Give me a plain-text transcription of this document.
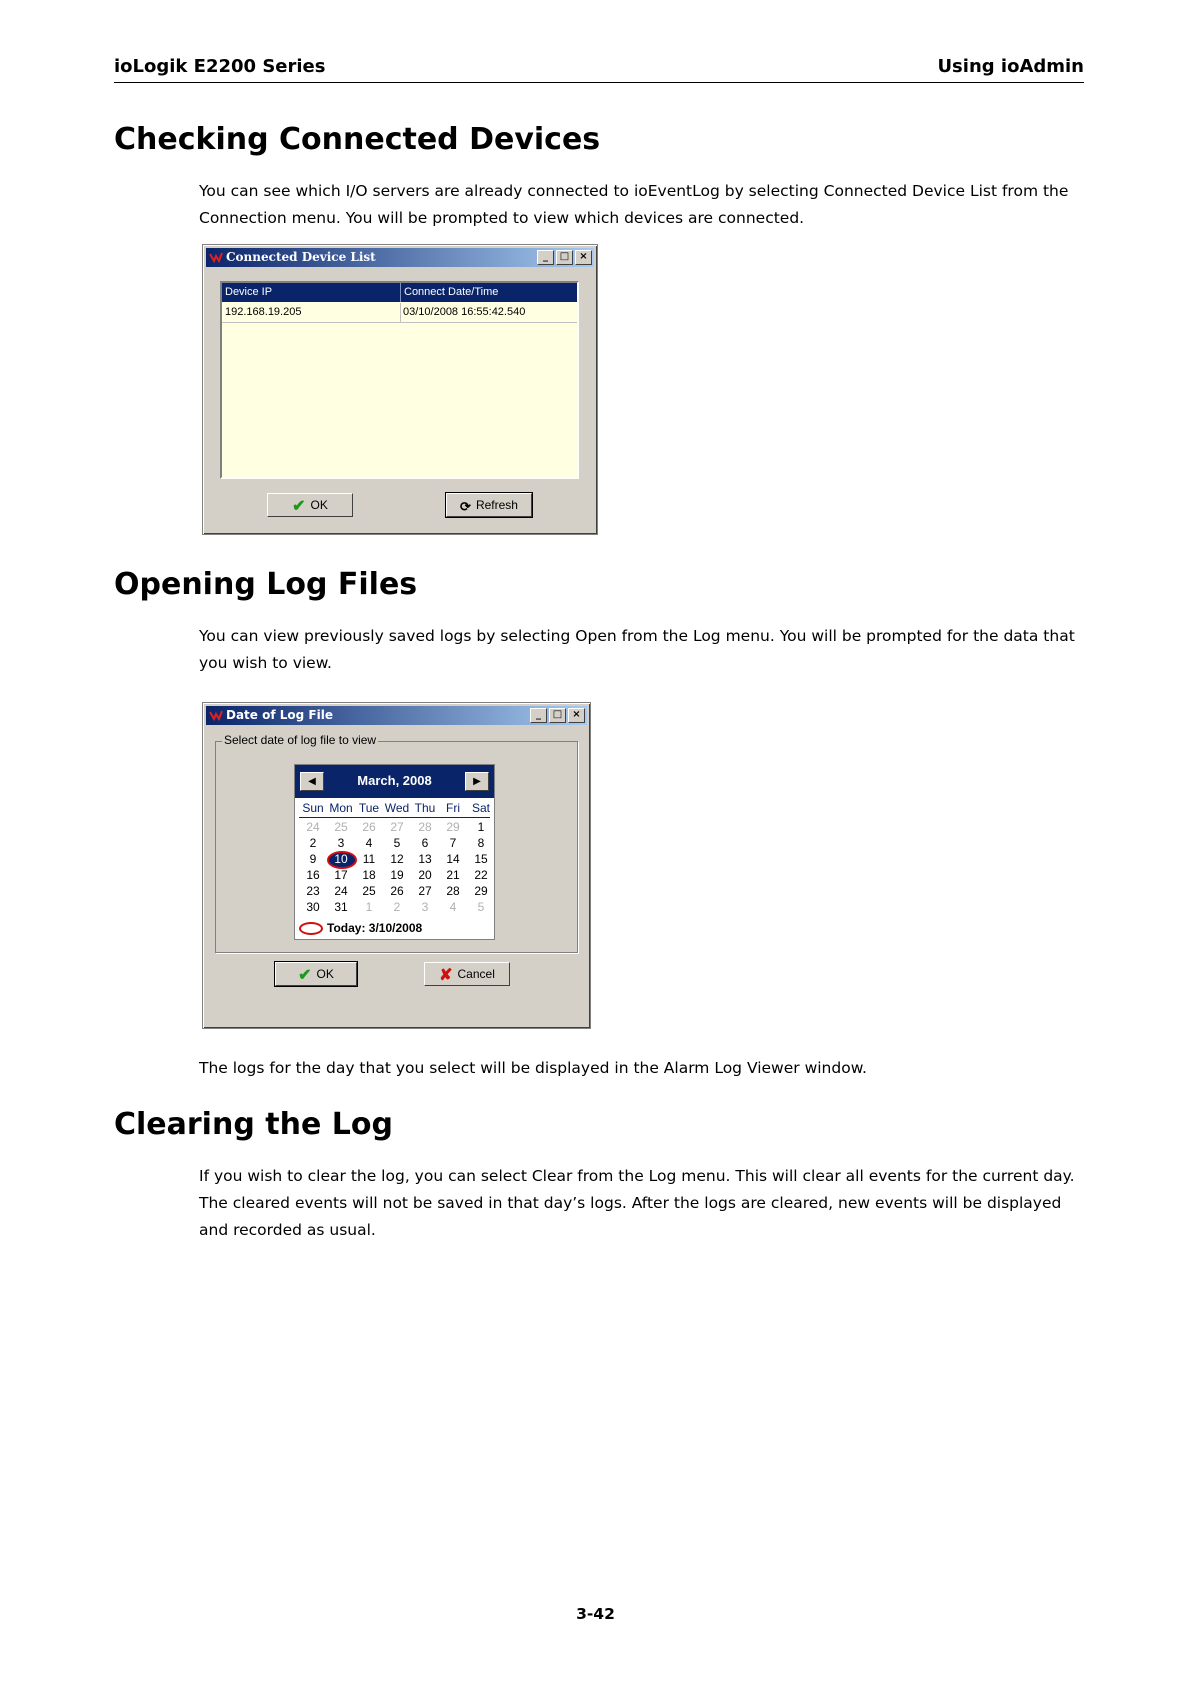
ioLogik E2200 Series	Using ioAdmin
Checking Connected Devices

You can see which I/O servers are already connected to ioEventLog by selecting Connected Device List from the Connection menu. You will be prompted to view which devices are connected.

Connected Device List	_	□	×
Device IP	Connect Date/Time
192.168.19.205	03/10/2008 16:55:42.540
✔ OK	⟳ Refresh
Opening Log Files

You can view previously saved logs by selecting Open from the Log menu. You will be prompted for the data that you wish to view.

Date of Log File	_	□	×
Select date of log file to view
◀	March, 2008	▶
Sun Mon Tue Wed Thu Fri Sat
Today: 3/10/2008
24	25	26	27	28	29	1
2	3	4	5	6	7	8
9	10	11	12	13	14	15
16	17	18	19	20	21	22
23	24	25	26	27	28	29
30	31	1	2	3	4	5
✔ OK	✘ Cancel

The logs for the day that you select will be displayed in the Alarm Log Viewer window.

Clearing the Log

If you wish to clear the log, you can select Clear from the Log menu. This will clear all events for the current day. The cleared events will not be saved in that day’s logs. After the logs are cleared, new events will be displayed and recorded as usual.

3-42
